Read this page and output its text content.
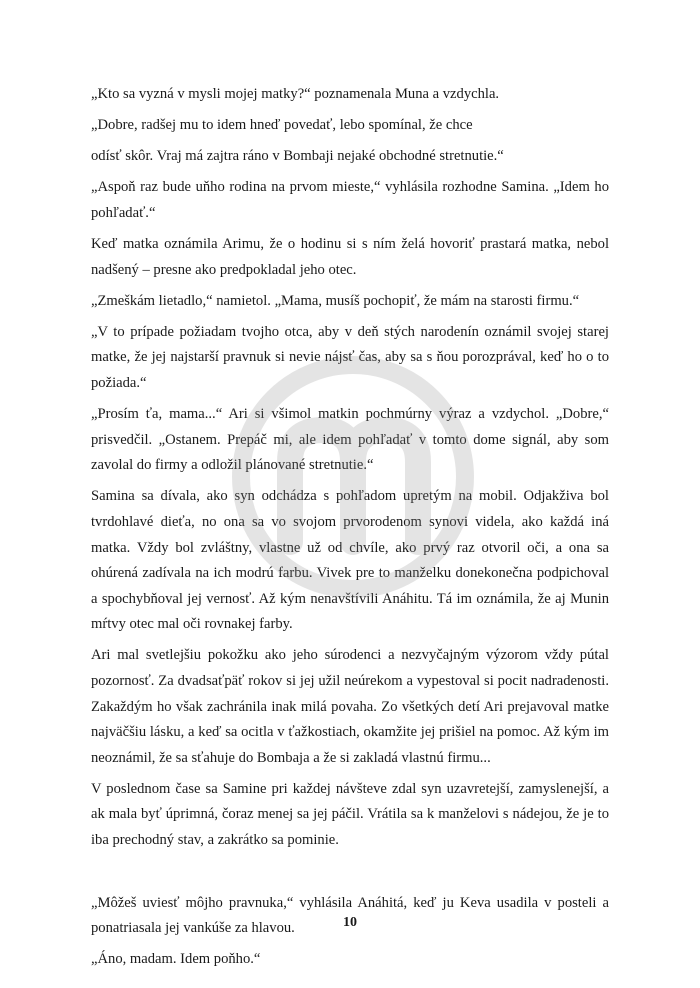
„Kto sa vyzná v mysli mojej matky?“ poznamenala Muna a vzdychla.

„Dobre, radšej mu to idem hneď povedať, lebo spomínal, že chce

odísť skôr. Vraj má zajtra ráno v Bombaji nejaké obchodné stretnutie.“

„Aspoň raz bude uňho rodina na prvom mieste,“ vyhlásila rozhodne Samina. „Idem ho pohľadať.“

Keď matka oznámila Arimu, že o hodinu si s ním želá hovoriť prastará matka, nebol nadšený – presne ako predpokladal jeho otec.

„Zmeškám lietadlo,“ namietol. „Mama, musíš pochopiť, že mám na starosti firmu.“

„V to prípade požiadam tvojho otca, aby v deň stých narodenín oznámil svojej starej matke, že jej najstarší pravnuk si nevie nájsť čas, aby sa s ňou porozprával, keď ho o to požiada.“

„Prosím ťa, mama...“ Ari si všimol matkin pochmúrny výraz a vzdychol. „Dobre,“ prisvedčil. „Ostanem. Prepáč mi, ale idem pohľadať v tomto dome signál, aby som zavolal do firmy a odložil plánované stretnutie.“

Samina sa dívala, ako syn odchádza s pohľadom upretým na mobil. Odjakživa bol tvrdohlavé dieťa, no ona sa vo svojom prvorodenom synovi videla, ako každá iná matka. Vždy bol zvláštny, vlastne už od chvíle, ako prvý raz otvoril oči, a ona sa ohúrená zadívala na ich modrú farbu. Vivek pre to manželku donekonečna podpichoval a spochybňoval jej vernosť. Až kým nenavštívili Anáhitu. Tá im oznámila, že aj Munin mŕtvy otec mal oči rovnakej farby.

Ari mal svetlejšiu pokožku ako jeho súrodenci a nezvyčajným výzorom vždy pútal pozornosť. Za dvadsaťpäť rokov si jej užil neúrekom a vypestoval si pocit nadradenosti. Zakaždým ho však zachránila inak milá povaha. Zo všetkých detí Ari prejavoval matke najväčšiu lásku, a keď sa ocitla v ťažkostiach, okamžite jej prišiel na pomoc. Až kým im neoznámil, že sa sťahuje do Bombaja a že si zakladá vlastnú firmu...

V poslednom čase sa Samine pri každej návšteve zdal syn uzavretejší, zamyslenejší, a ak mala byť úprimná, čoraz menej sa jej páčil. Vrátila sa k manželovi s nádejou, že je to iba prechodný stav, a zakrátko sa pominie.

„Môžeš uviesť môjho pravnuka,“ vyhlásila Anáhitá, keď ju Keva usadila v posteli a ponatriasala jej vankúše za hlavou.

„Áno, madam. Idem poňho.“

10
